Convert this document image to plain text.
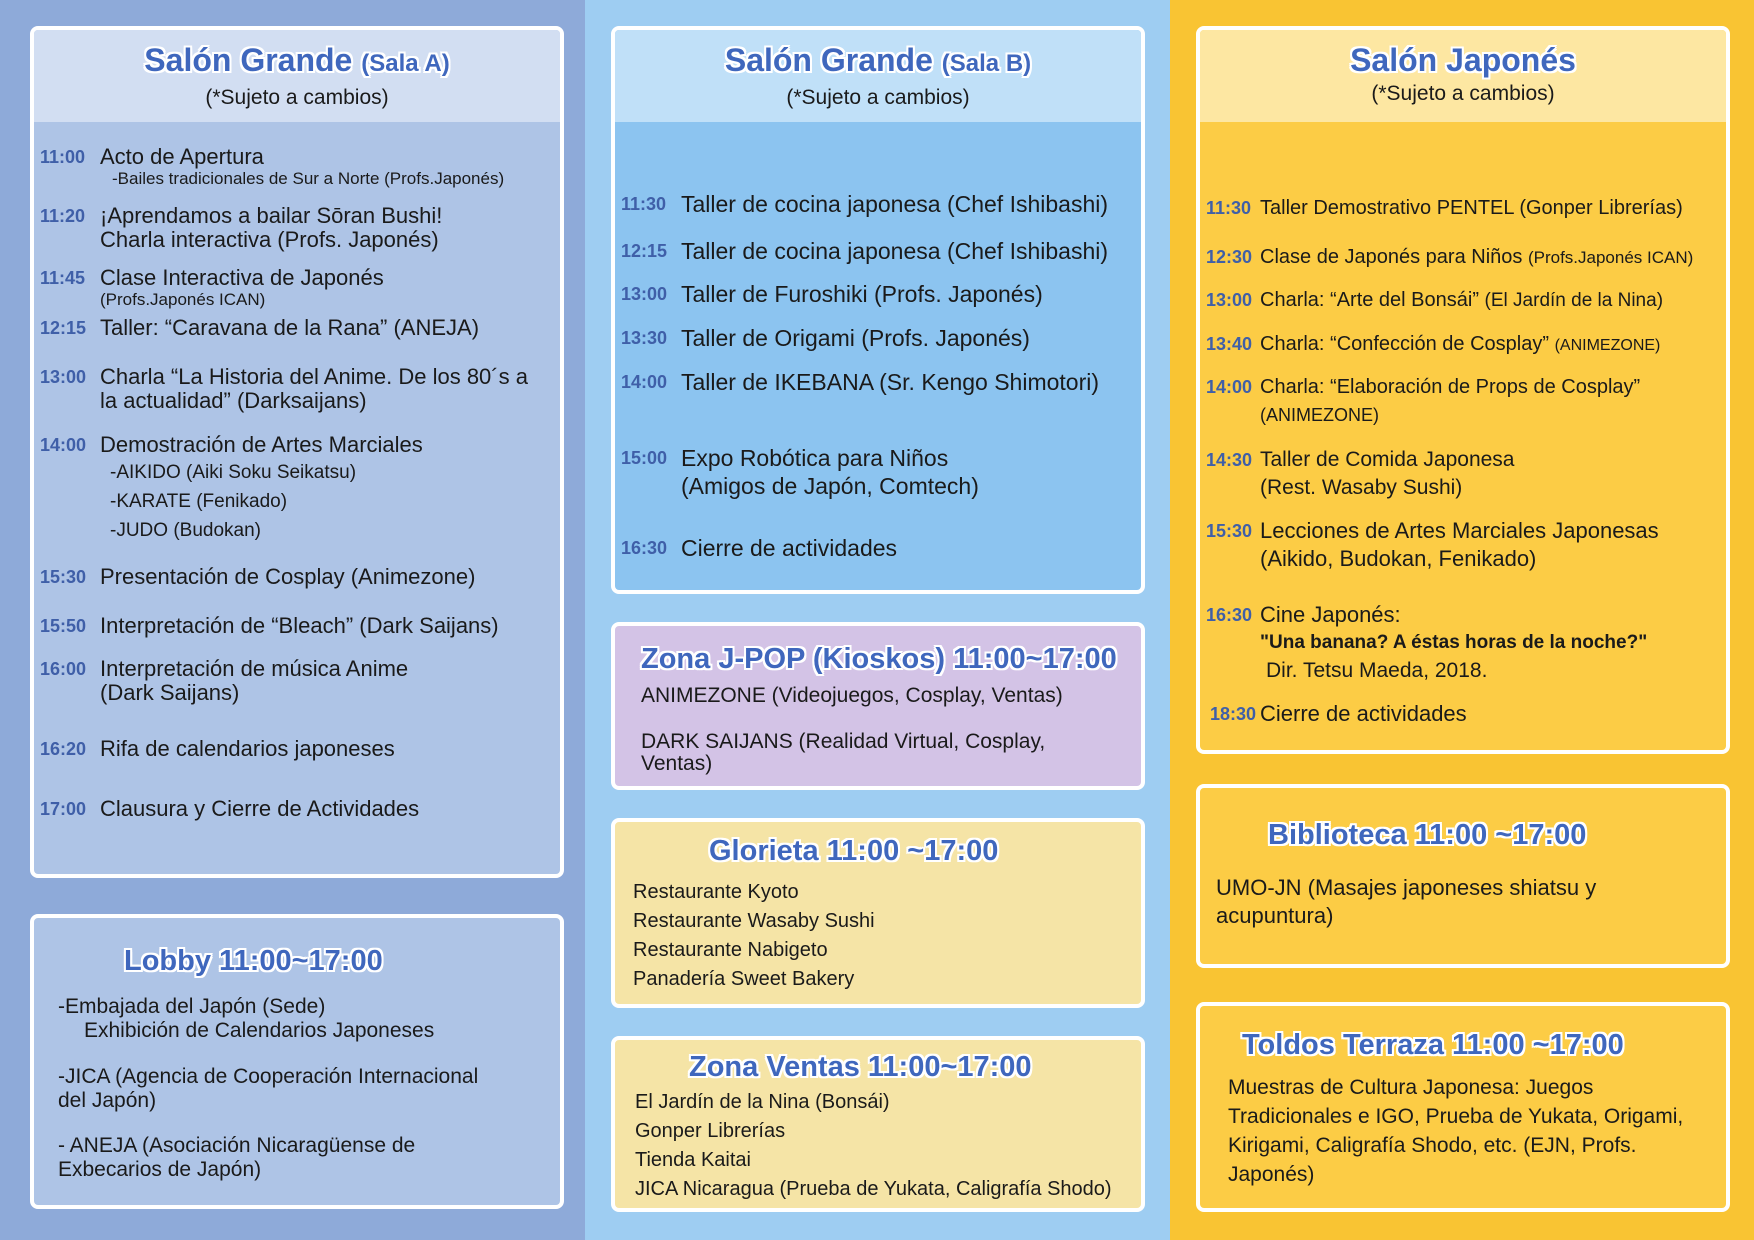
Salón Grande (Sala A)
(*Sujeto a cambios)
11:00 Acto de Apertura
-Bailes tradicionales de Sur a Norte (Profs.Japonés)
11:20 ¡Aprendamos a bailar Sōran Bushi!
Charla interactiva (Profs. Japonés)
11:45 Clase Interactiva de Japonés
(Profs.Japonés ICAN)
12:15 Taller: “Caravana de la Rana” (ANEJA)
13:00 Charla “La Historia del Anime. De los 80´s a
la actualidad” (Darksaijans)
14:00 Demostración de Artes Marciales
-AIKIDO (Aiki Soku Seikatsu)
-KARATE (Fenikado)
-JUDO (Budokan)
15:30 Presentación de Cosplay (Animezone)
15:50 Interpretación de “Bleach” (Dark Saijans)
16:00 Interpretación de música Anime
(Dark Saijans)
16:20 Rifa de calendarios japoneses
17:00 Clausura y Cierre de Actividades
Lobby 11:00~17:00
-Embajada del Japón (Sede)
Exhibición de Calendarios Japoneses
-JICA (Agencia de Cooperación Internacional
del Japón)
- ANEJA (Asociación Nicaragüense de
Exbecarios de Japón)
Salón Grande (Sala B)
(*Sujeto a cambios)
11:30 Taller de cocina japonesa (Chef Ishibashi)
12:15 Taller de cocina japonesa (Chef Ishibashi)
13:00 Taller de Furoshiki (Profs. Japonés)
13:30 Taller de Origami (Profs. Japonés)
14:00 Taller de IKEBANA (Sr. Kengo Shimotori)
15:00 Expo Robótica para Niños
(Amigos de Japón, Comtech)
16:30 Cierre de actividades
Zona J-POP (Kioskos) 11:00~17:00
ANIMEZONE (Videojuegos, Cosplay, Ventas)
DARK SAIJANS (Realidad Virtual, Cosplay,
Ventas)
Glorieta 11:00 ~17:00
Restaurante Kyoto
Restaurante Wasaby Sushi
Restaurante Nabigeto
Panadería Sweet Bakery
Zona Ventas 11:00~17:00
El Jardín de la Nina (Bonsái)
Gonper Librerías
Tienda Kaitai
JICA Nicaragua (Prueba de Yukata, Caligrafía Shodo)
Salón Japonés
(*Sujeto a cambios)
11:30 Taller Demostrativo PENTEL (Gonper Librerías)
12:30 Clase de Japonés para Niños (Profs.Japonés ICAN)
13:00 Charla: “Arte del Bonsái” (El Jardín de la Nina)
13:40 Charla: “Confección de Cosplay” (ANIMEZONE)
14:00 Charla: “Elaboración de Props de Cosplay”
(ANIMEZONE)
14:30 Taller de Comida Japonesa
(Rest. Wasaby Sushi)
15:30 Lecciones de Artes Marciales Japonesas
(Aikido, Budokan, Fenikado)
16:30 Cine Japonés:
"Una banana? A éstas horas de la noche?"
Dir. Tetsu Maeda, 2018.
18:30 Cierre de actividades
Biblioteca 11:00 ~17:00
UMO-JN (Masajes japoneses shiatsu y
acupuntura)
Toldos Terraza 11:00 ~17:00
Muestras de Cultura Japonesa: Juegos
Tradicionales e IGO, Prueba de Yukata, Origami,
Kirigami, Caligrafía Shodo, etc. (EJN, Profs.
Japonés)
